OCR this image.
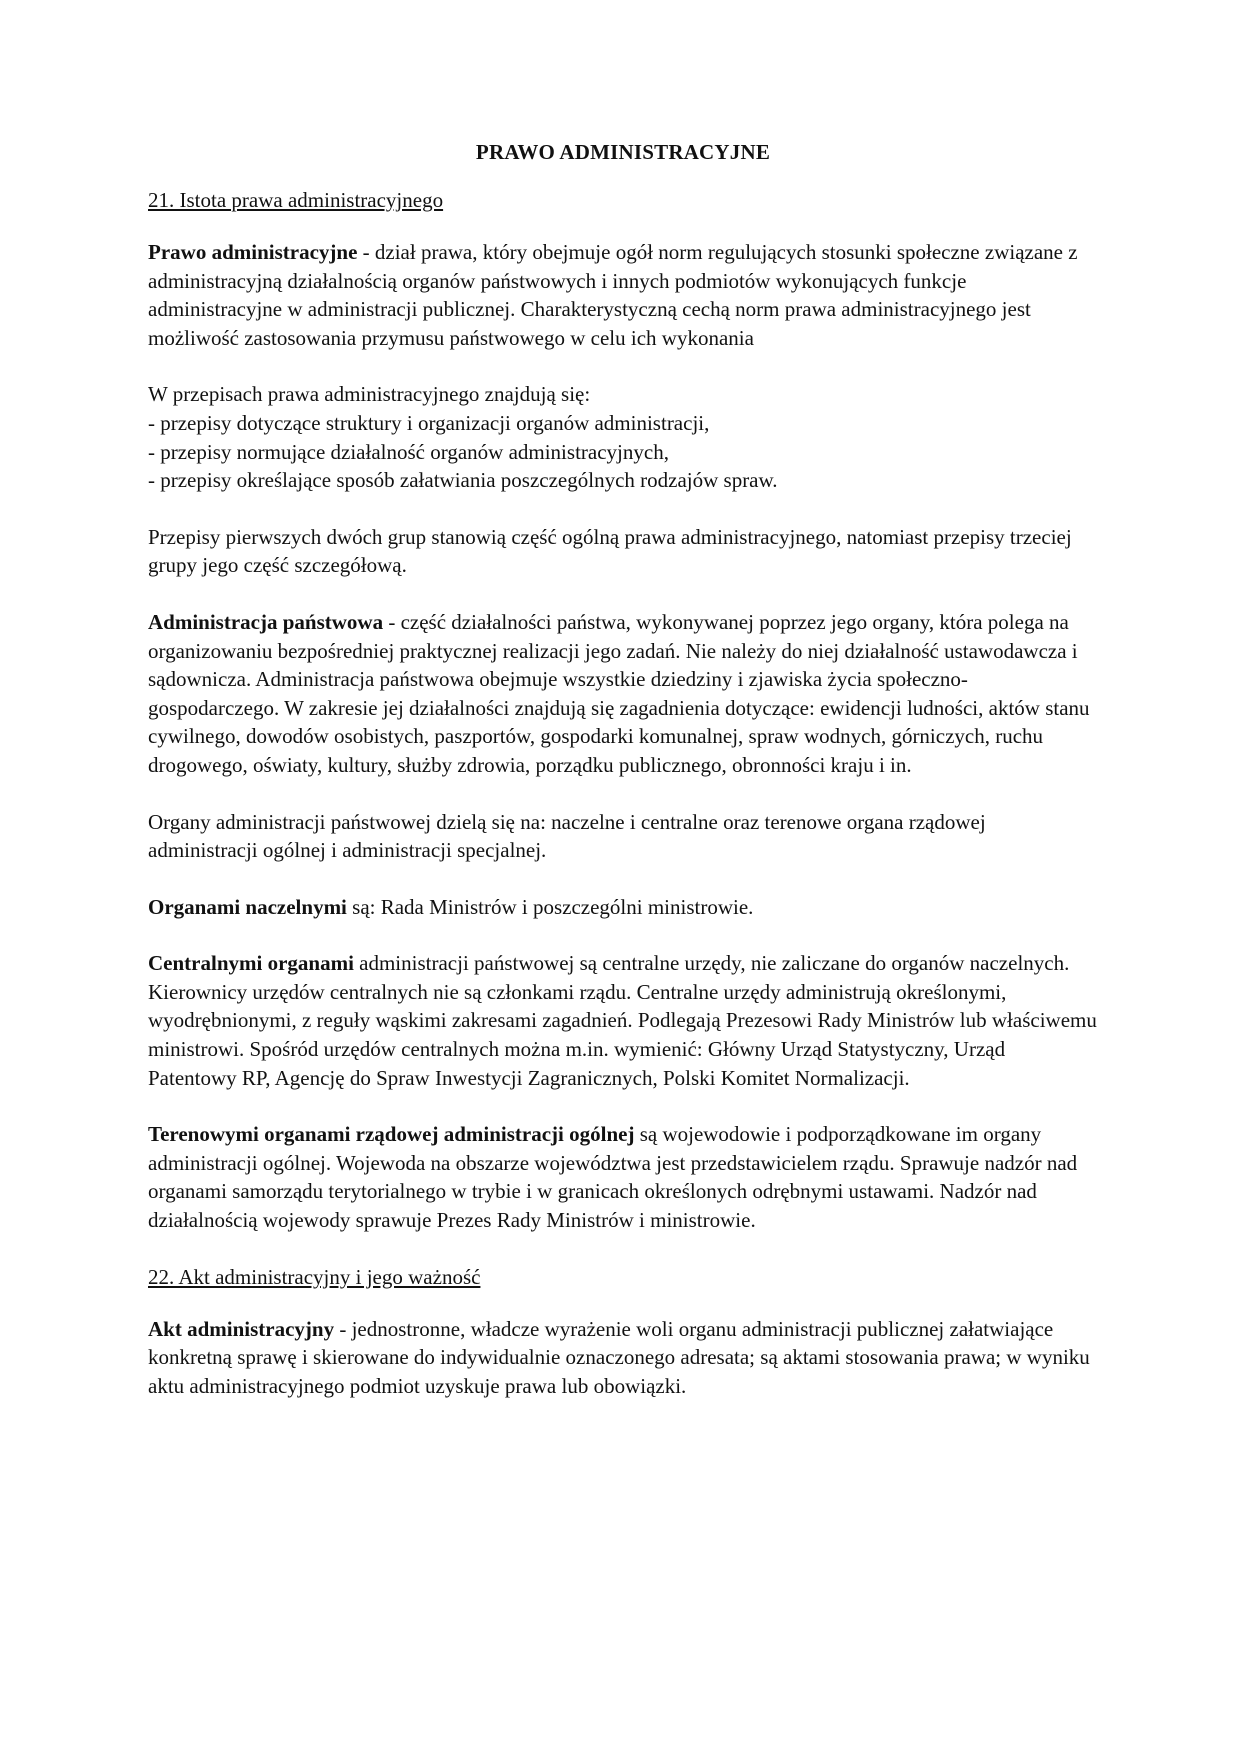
PRAWO ADMINISTRACYJNE
21. Istota prawa administracyjnego

Prawo administracyjne - dział prawa, który obejmuje ogół norm regulujących stosunki społeczne związane z administracyjną działalnością organów państwowych i innych podmiotów wykonujących funkcje administracyjne w administracji publicznej. Charakterystyczną cechą norm prawa administracyjnego jest możliwość zastosowania przymusu państwowego w celu ich wykonania

W przepisach prawa administracyjnego znajdują się:

- przepisy dotyczące struktury i organizacji organów administracji,
- przepisy normujące działalność organów administracyjnych,
- przepisy określające sposób załatwiania poszczególnych rodzajów spraw.

Przepisy pierwszych dwóch grup stanowią część ogólną prawa administracyjnego, natomiast przepisy trzeciej grupy jego część szczegółową.

Administracja państwowa - część działalności państwa, wykonywanej poprzez jego organy, która polega na organizowaniu bezpośredniej praktycznej realizacji jego zadań. Nie należy do niej działalność ustawodawcza i sądownicza. Administracja państwowa obejmuje wszystkie dziedziny i zjawiska życia społeczno-gospodarczego. W zakresie jej działalności znajdują się zagadnienia dotyczące: ewidencji ludności, aktów stanu cywilnego, dowodów osobistych, paszportów, gospodarki komunalnej, spraw wodnych, górniczych, ruchu drogowego, oświaty, kultury, służby zdrowia, porządku publicznego, obronności kraju i in.

Organy administracji państwowej dzielą się na: naczelne i centralne oraz terenowe organa rządowej administracji ogólnej i administracji specjalnej.

Organami naczelnymi są: Rada Ministrów i poszczególni ministrowie.

Centralnymi organami administracji państwowej są centralne urzędy, nie zaliczane do organów naczelnych. Kierownicy urzędów centralnych nie są członkami rządu. Centralne urzędy administrują określonymi, wyodrębnionymi, z reguły wąskimi zakresami zagadnień. Podlegają Prezesowi Rady Ministrów lub właściwemu ministrowi. Spośród urzędów centralnych można m.in. wymienić: Główny Urząd Statystyczny, Urząd Patentowy RP, Agencję do Spraw Inwestycji Zagranicznych, Polski Komitet Normalizacji.

Terenowymi organami rządowej administracji ogólnej są wojewodowie i podporządkowane im organy administracji ogólnej. Wojewoda na obszarze województwa jest przedstawicielem rządu. Sprawuje nadzór nad organami samorządu terytorialnego w trybie i w granicach określonych odrębnymi ustawami. Nadzór nad działalnością wojewody sprawuje Prezes Rady Ministrów i ministrowie.

22. Akt administracyjny i jego ważność

Akt administracyjny - jednostronne, władcze wyrażenie woli organu administracji publicznej załatwiające konkretną sprawę i skierowane do indywidualnie oznaczonego adresata; są aktami stosowania prawa; w wyniku aktu administracyjnego podmiot uzyskuje prawa lub obowiązki.
